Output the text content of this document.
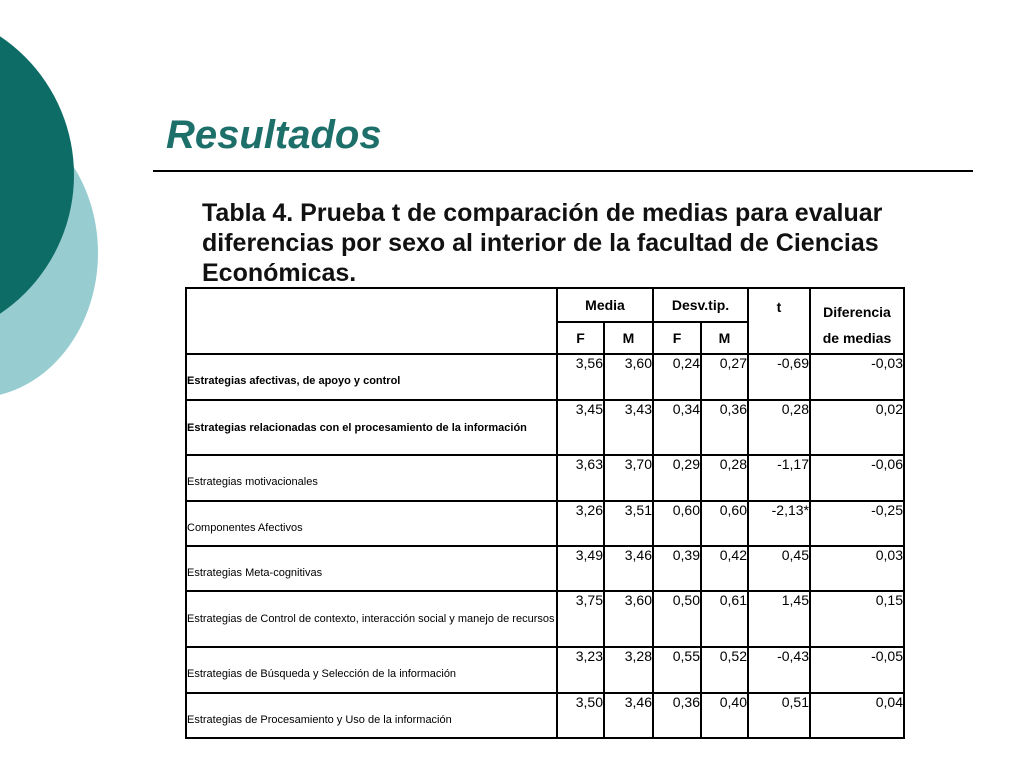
Resultados
Tabla 4. Prueba t de comparación de medias para evaluar diferencias por sexo al interior de la facultad de Ciencias Económicas.
	Media		Desv.tip.		t	Diferencia
de medias

	F	M	F	M		
Estrategias afectivas, de apoyo y control	3,56	3,60	0,24	0,27	-0,69	-0,03
Estrategias relacionadas con el procesamiento de la información	3,45	3,43	0,34	0,36	0,28	0,02
Estrategias motivacionales	3,63	3,70	0,29	0,28	-1,17	-0,06
Componentes Afectivos	3,26	3,51	0,60	0,60	-2,13*	-0,25
Estrategias Meta-cognitivas	3,49	3,46	0,39	0,42	0,45	0,03
Estrategias de Control de contexto, interacción social y manejo de recursos	3,75	3,60	0,50	0,61	1,45	0,15
Estrategias de Búsqueda y Selección de la información	3,23	3,28	0,55	0,52	-0,43	-0,05
Estrategias de Procesamiento y Uso de la información	3,50	3,46	0,36	0,40	0,51	0,04
